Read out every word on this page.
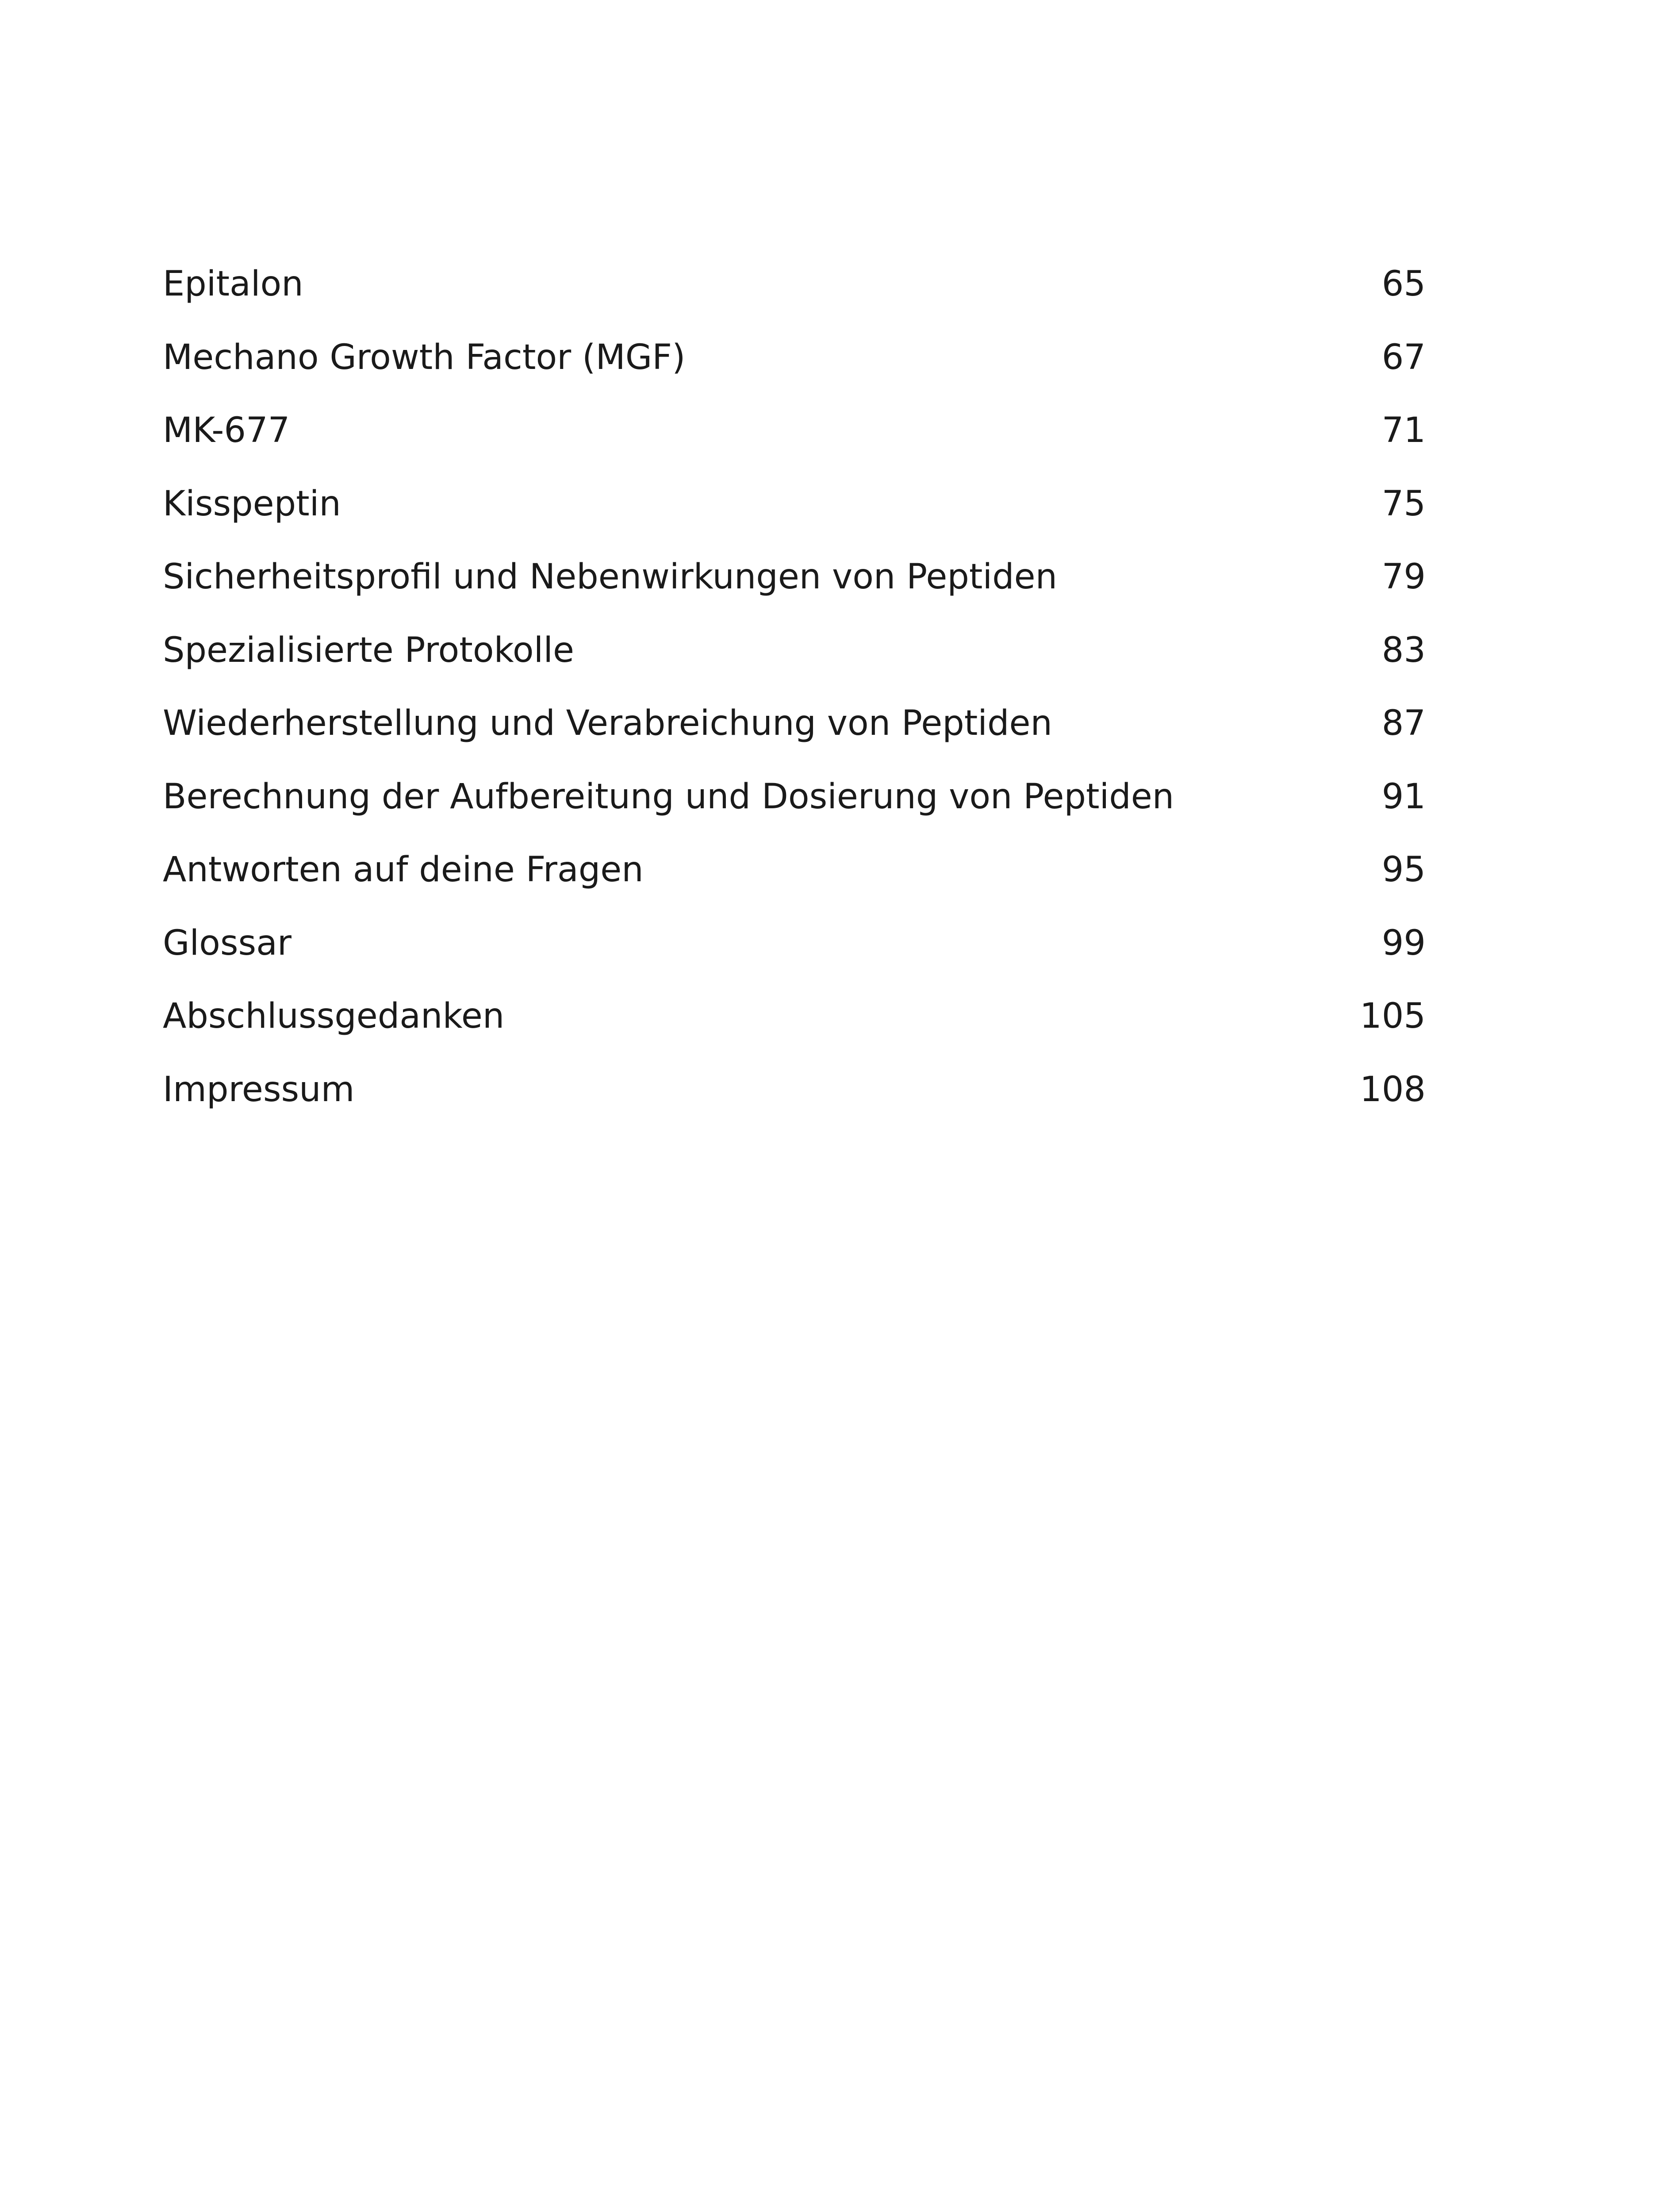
Epitalon	65
Mechano Growth Factor (MGF)	67
MK-677	71
Kisspeptin	75
Sicherheitsprofil und Nebenwirkungen von Peptiden	79
Spezialisierte Protokolle	83
Wiederherstellung und Verabreichung von Peptiden	87
Berechnung der Aufbereitung und Dosierung von Peptiden	91
Antworten auf deine Fragen	95
Glossar	99
Abschlussgedanken	105
Impressum	108
